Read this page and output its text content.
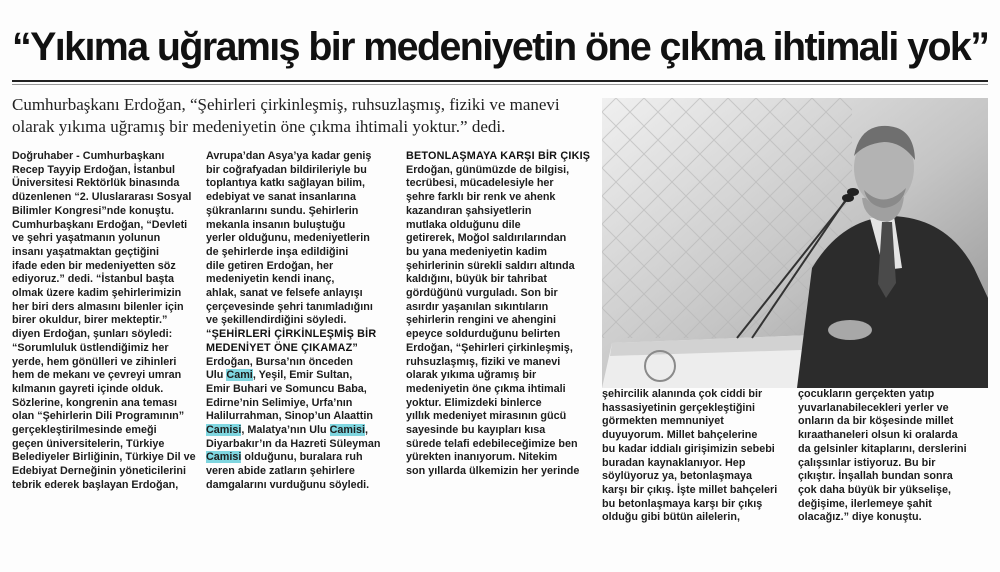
“Yıkıma uğramış bir medeniyetin öne çıkma ihtimali yok”
Cumhurbaşkanı Erdoğan, “Şehirleri çirkinleşmiş, ruhsuzlaşmış, fiziki ve manevi olarak yıkıma uğramış bir medeniyetin öne çıkma ihtimali yoktur.” dedi.
Doğruhaber - Cumhurbaşkanı
Recep Tayyip Erdoğan, İstanbul
Üniversitesi Rektörlük binasında
düzenlenen “2. Uluslararası Sosyal
Bilimler Kongresi”nde konuştu.
Cumhurbaşkanı Erdoğan, “Devleti
ve şehri yaşatmanın yolunun
insanı yaşatmaktan geçtiğini
ifade eden bir medeniyetten söz
ediyoruz.” dedi. “İstanbul başta
olmak üzere kadim şehirlerimizin
her biri ders almasını bilenler için
birer okuldur, birer mekteptir.”
diyen Erdoğan, şunları söyledi:
“Sorumluluk üstlendiğimiz her
yerde, hem gönülleri ve zihinleri
hem de mekanı ve çevreyi umran
kılmanın gayreti içinde olduk.
Sözlerine, kongrenin ana teması
olan “Şehirlerin Dili Programının”
gerçekleştirilmesinde emeği
geçen üniversitelerin, Türkiye
Belediyeler Birliğinin, Türkiye Dil ve
Edebiyat Derneğinin yöneticilerini
tebrik ederek başlayan Erdoğan,
Avrupa’dan Asya’ya kadar geniş
bir coğrafyadan bildirileriyle bu
toplantıya katkı sağlayan bilim,
edebiyat ve sanat insanlarına
şükranlarını sundu. Şehirlerin
mekanla insanın buluştuğu
yerler olduğunu, medeniyetlerin
de şehirlerde inşa edildiğini
dile getiren Erdoğan, her
medeniyetin kendi inanç,
ahlak, sanat ve felsefe anlayışı
çerçevesinde şehri tanımladığını
ve şekillendirdiğini söyledi.
“ŞEHİRLERİ ÇİRKİNLEŞMİŞ BİR
MEDENİYET ÖNE ÇIKAMAZ”
Erdoğan, Bursa’nın önceden
Ulu Cami, Yeşil, Emir Sultan,
Emir Buhari ve Somuncu Baba,
Edirne’nin Selimiye, Urfa’nın
Halilurrahman, Sinop’un Alaattin
Camisi, Malatya’nın Ulu Camisi,
Diyarbakır’ın da Hazreti Süleyman
Camisi olduğunu, buralara ruh
veren abide zatların şehirlere
damgalarını vurduğunu söyledi.
BETONLAŞMAYA KARŞI BİR ÇIKIŞ
Erdoğan, günümüzde de bilgisi,
tecrübesi, mücadelesiyle her
şehre farklı bir renk ve ahenk
kazandıran şahsiyetlerin
mutlaka olduğunu dile
getirerek, Moğol saldırılarından
bu yana medeniyetin kadim
şehirlerinin sürekli saldırı altında
kaldığını, büyük bir tahribat
gördüğünü vurguladı. Son bir
asırdır yaşanılan sıkıntıların
şehirlerin rengini ve ahengini
epeyce soldurduğunu belirten
Erdoğan, “Şehirleri çirkinleşmiş,
ruhsuzlaşmış, fiziki ve manevi
olarak yıkıma uğramış bir
medeniyetin öne çıkma ihtimali
yoktur. Elimizdeki binlerce
yıllık medeniyet mirasının gücü
sayesinde bu kayıpları kısa
sürede telafi edebileceğimize ben
yürekten inanıyorum. Nitekim
son yıllarda ülkemizin her yerinde
şehircilik alanında çok ciddi bir
hassasiyetinin gerçekleştiğini
görmekten memnuniyet
duyuyorum. Millet bahçelerine
bu kadar iddialı girişimizin sebebi
buradan kaynaklanıyor. Hep
söylüyoruz ya, betonlaşmaya
karşı bir çıkış. İşte millet bahçeleri
bu betonlaşmaya karşı bir çıkış
olduğu gibi bütün ailelerin,
çocukların gerçekten yatıp
yuvarlanabilecekleri yerler ve
onların da bir köşesinde millet
kıraathaneleri olsun ki oralarda
da gelsinler kitaplarını, derslerini
çalışsınlar istiyoruz. Bu bir
çıkıştır. İnşallah bundan sonra
çok daha büyük bir yükselişe,
değişime, ilerlemeye şahit
olacağız.” diye konuştu.
